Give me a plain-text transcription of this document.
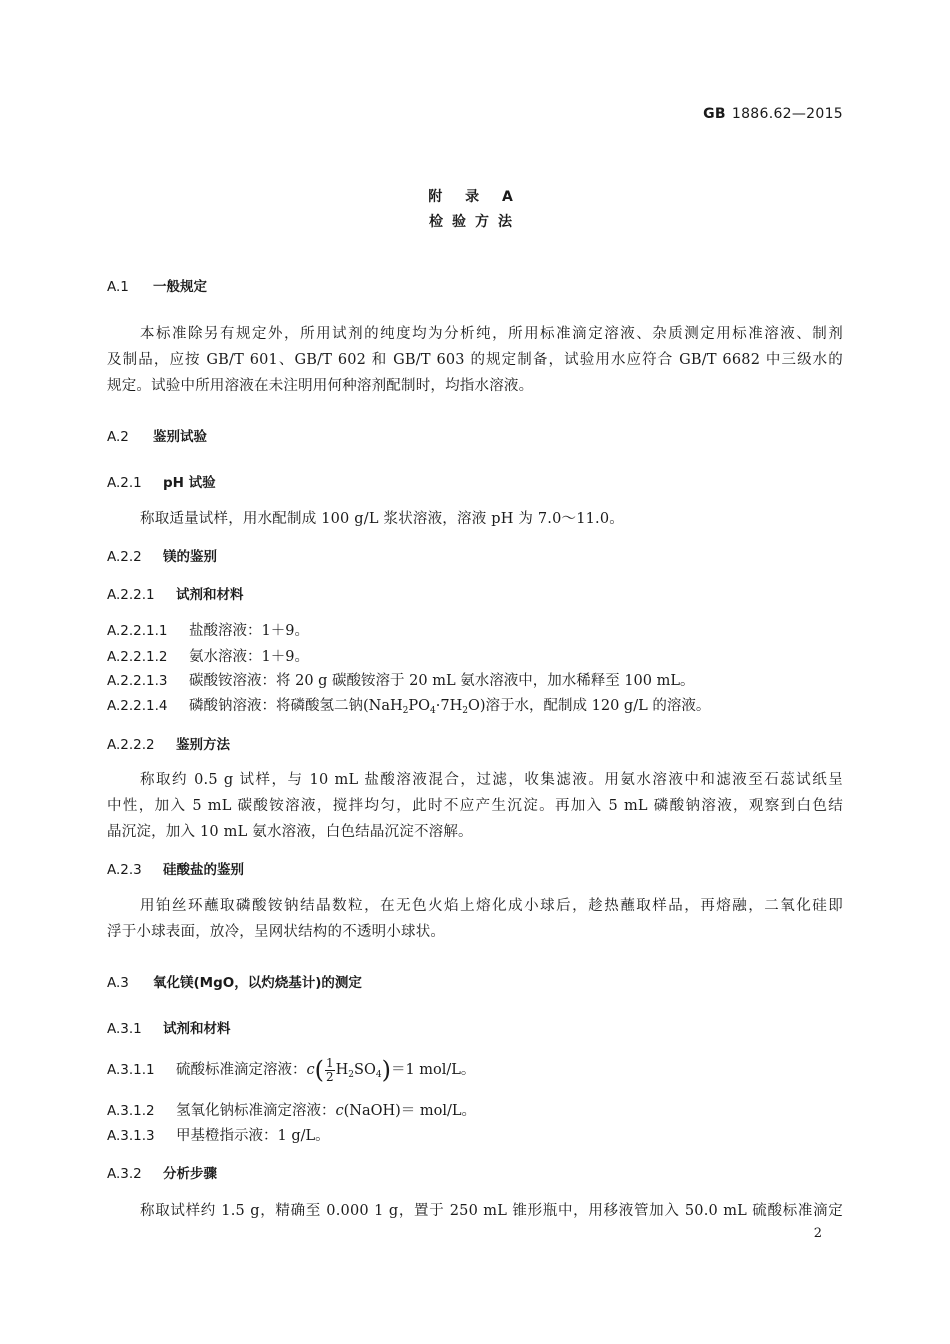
GB 1886.62—2015
附 录 A
检验方法
A.1 一般规定
本标准除另有规定外，所用试剂的纯度均为分析纯，所用标准滴定溶液、杂质测定用标准溶液、制剂
及制品，应按 GB/T 601、GB/T 602 和 GB/T 603 的规定制备，试验用水应符合 GB/T 6682 中三级水的
规定。试验中所用溶液在未注明用何种溶剂配制时，均指水溶液。
A.2 鉴别试验
A.2.1 pH 试验
称取适量试样，用水配制成 100 g/L 浆状溶液，溶液 pH 为 7.0～11.0。
A.2.2 镁的鉴别
A.2.2.1 试剂和材料
A.2.2.1.1 盐酸溶液：1＋9。
A.2.2.1.2 氨水溶液：1＋9。
A.2.2.1.3 碳酸铵溶液：将 20 g 碳酸铵溶于 20 mL 氨水溶液中，加水稀释至 100 mL。
A.2.2.1.4 磷酸钠溶液：将磷酸氢二钠$(NaH_2PO_4\cdot 7H_2O)$溶于水，配制成 120 g/L 的溶液。
A.2.2.2 鉴别方法
称取约 0.5 g 试样，与 10 mL 盐酸溶液混合，过滤，收集滤液。用氨水溶液中和滤液至石蕊试纸呈
中性，加入 5 mL 碳酸铵溶液，搅拌均匀，此时不应产生沉淀。再加入 5 mL 磷酸钠溶液，观察到白色结
晶沉淀，加入 10 mL 氨水溶液，白色结晶沉淀不溶解。
A.2.3 硅酸盐的鉴别
用铂丝环蘸取磷酸铵钠结晶数粒，在无色火焰上熔化成小球后，趁热蘸取样品，再熔融，二氧化硅即
浮于小球表面，放冷，呈网状结构的不透明小球状。
A.3 氧化镁(MgO，以灼烧基计)的测定
A.3.1 试剂和材料
A.3.1.1 硫酸标准滴定溶液：$c( \frac{1}{2} H_2SO_4)=1$ mol/L。
A.3.1.2 氢氧化钠标准滴定溶液：c(NaOH)＝ mol/L。
A.3.1.3 甲基橙指示液：1 g/L。
A.3.2 分析步骤
称取试样约 1.5 g，精确至 0.000 1 g，置于 250 mL 锥形瓶中，用移液管加入 50.0 mL 硫酸标准滴定
2
